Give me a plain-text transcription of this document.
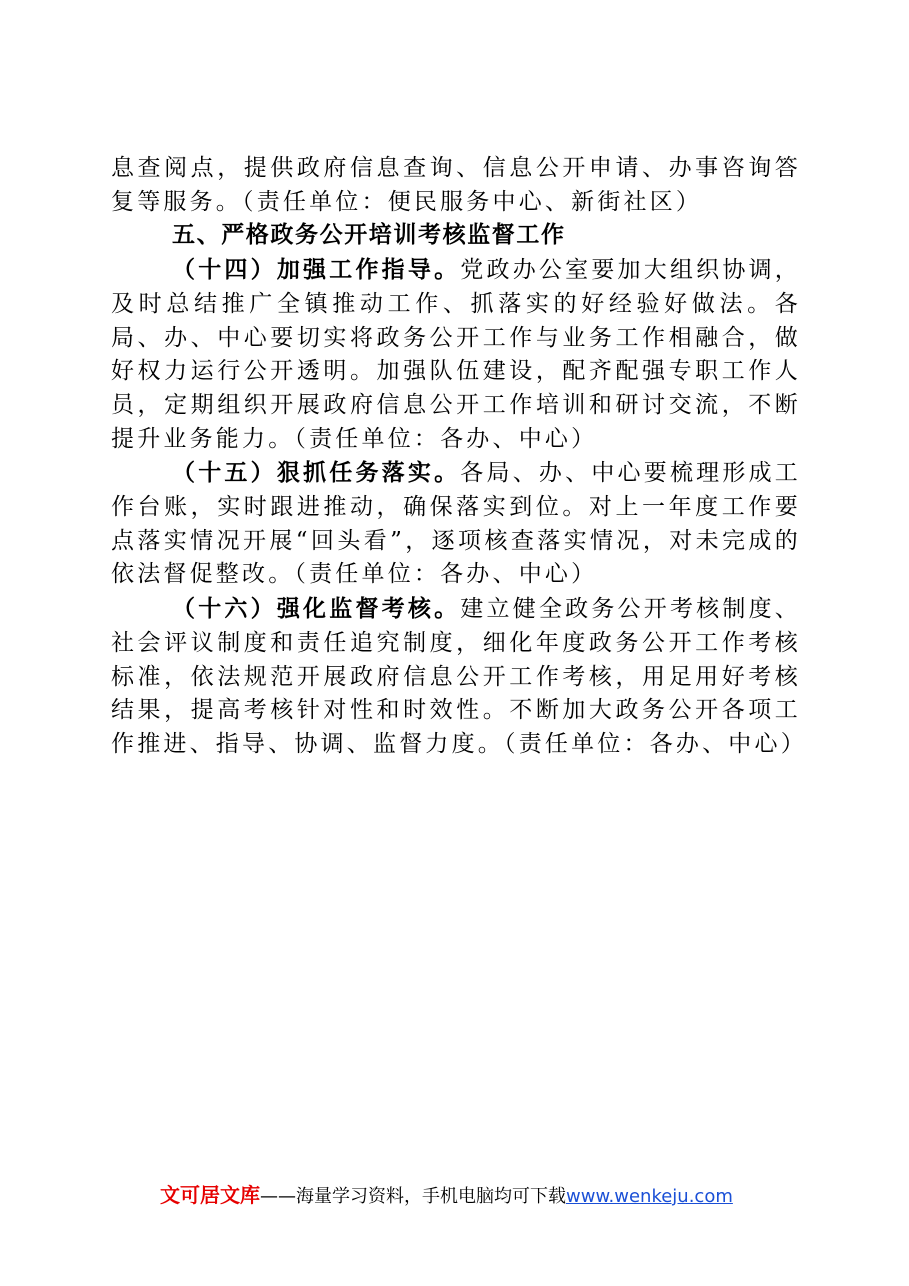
息查阅点，提供政府信息查询、信息公开申请、办事咨询答复等服务。（责任单位：便民服务中心、新街社区）

五、严格政务公开培训考核监督工作

（十四）加强工作指导。党政办公室要加大组织协调，及时总结推广全镇推动工作、抓落实的好经验好做法。各局、办、中心要切实将政务公开工作与业务工作相融合，做好权力运行公开透明。加强队伍建设，配齐配强专职工作人员，定期组织开展政府信息公开工作培训和研讨交流，不断提升业务能力。（责任单位：各办、中心）

（十五）狠抓任务落实。各局、办、中心要梳理形成工作台账，实时跟进推动，确保落实到位。对上一年度工作要点落实情况开展“回头看”，逐项核查落实情况，对未完成的依法督促整改。（责任单位：各办、中心）

（十六）强化监督考核。建立健全政务公开考核制度、社会评议制度和责任追究制度，细化年度政务公开工作考核标准，依法规范开展政府信息公开工作考核，用足用好考核结果，提高考核针对性和时效性。不断加大政务公开各项工作推进、指导、协调、监督力度。（责任单位：各办、中心）

文可居文库——海量学习资料，手机电脑均可下载www.wenkeju.com
